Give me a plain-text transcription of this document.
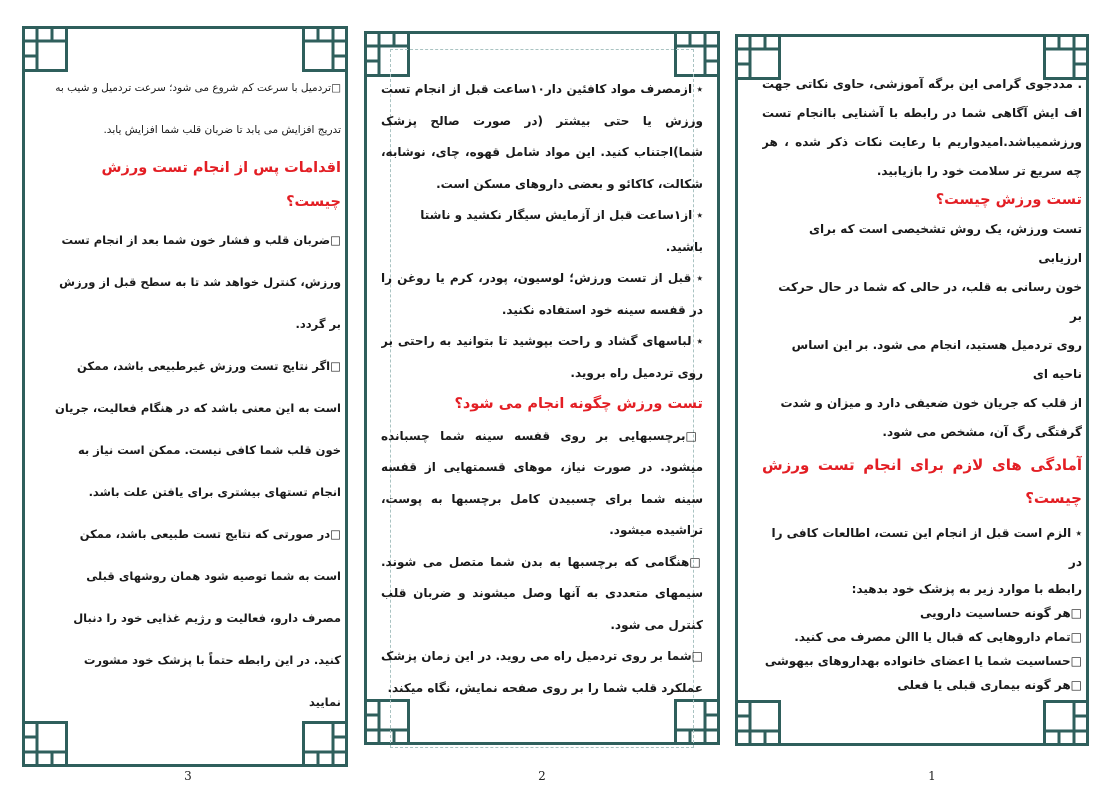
□تردمیل با سرعت کم شروع می شود؛ سرعت تردمیل و شیب به تدریج افزایش می یابد تا ضربان قلب شما افزایش یابد.

اقدامات پس از انجام تست ورزش چیست؟

□ضربان قلب و فشار خون شما بعد از انجام تست ورزش، کنترل خواهد شد تا به سطح قبل از ورزش بر گردد.

□اگر نتایج تست ورزش غیرطبیعی باشد، ممکن است به این معنی باشد که در هنگام فعالیت، جریان خون قلب شما کافی نیست. ممکن است نیاز به انجام تستهای بیشتری برای یافتن علت باشد.

□در صورتی که نتایج تست طبیعی باشد، ممکن است به شما توصیه شود همان روشهای قبلی مصرف دارو، فعالیت و رژیم غذایی خود را دنبال کنید. در این رابطه حتماً با پزشک خود مشورت نمایید

3

٭ ازمصرف مواد کافئین دار۱۰ساعت قبل از انجام تست ورزش یا حتی بیشتر (در صورت صالح پزشک شما)اجتناب کنید. این مواد شامل قهوه، چای، نوشابه، شکالت، کاکائو و بعضی داروهای مسکن است.

٭ از۱ساعت قبل از آزمایش سیگار نکشید و ناشتا باشید.

٭ قبل از تست ورزش؛ لوسیون، پودر، کرم یا روغن را در قفسه سینه خود استفاده نکنید.

٭ لباسهای گشاد و راحت بپوشید تا بتوانید به راحتی بر روی تردمیل راه بروید.

تست ورزش چگونه انجام می شود؟

□برچسبهایی بر روی قفسه سینه شما چسبانده میشود. در صورت نیاز، موهای قسمتهایی از قفسه سینه شما برای چسبیدن کامل برچسبها به پوست، تراشیده میشود.

□هنگامی که برچسبها به بدن شما متصل می شوند. سیمهای متعددی به آنها وصل میشوند و ضربان قلب کنترل می شود.

□شما بر روی تردمیل راه می روید. در این زمان پزشک عملکرد قلب شما را بر روی صفحه نمایش، نگاه میکند.

2

. مددجوی گرامی این برگه آموزشی، حاوی نکاتی جهت اف ایش آگاهی شما در رابطه با آشنایی باانجام تست ورزشمیباشد.امیدواریم با رعایت نکات ذکر شده ، هر چه سریع تر سلامت خود را بازیابید.

تست ورزش چیست؟

تست ورزش، یک روش تشخیصی است که برای

ارزیابی

خون رسانی به قلب، در حالی که شما در حال حرکت

بر

روی تردمیل هستید، انجام می شود. بر این اساس

ناحیه ای

از قلب که جریان خون ضعیفی دارد و میزان و شدت

گرفتگی رگ آن، مشخص می شود.

آمادگی های لازم برای انجام تست ورزش چیست؟

٭ الزم است قبل از انجام این تست، اطالعات کافی را

در

رابطه با موارد زیر به پزشک خود بدهید:

□هر گونه حساسیت دارویی

□تمام داروهایی که قبال یا االن مصرف می کنید.

□حساسیت شما یا اعضای خانواده بهداروهای بیهوشی

□هر گونه بیماری قبلی یا فعلی

1
